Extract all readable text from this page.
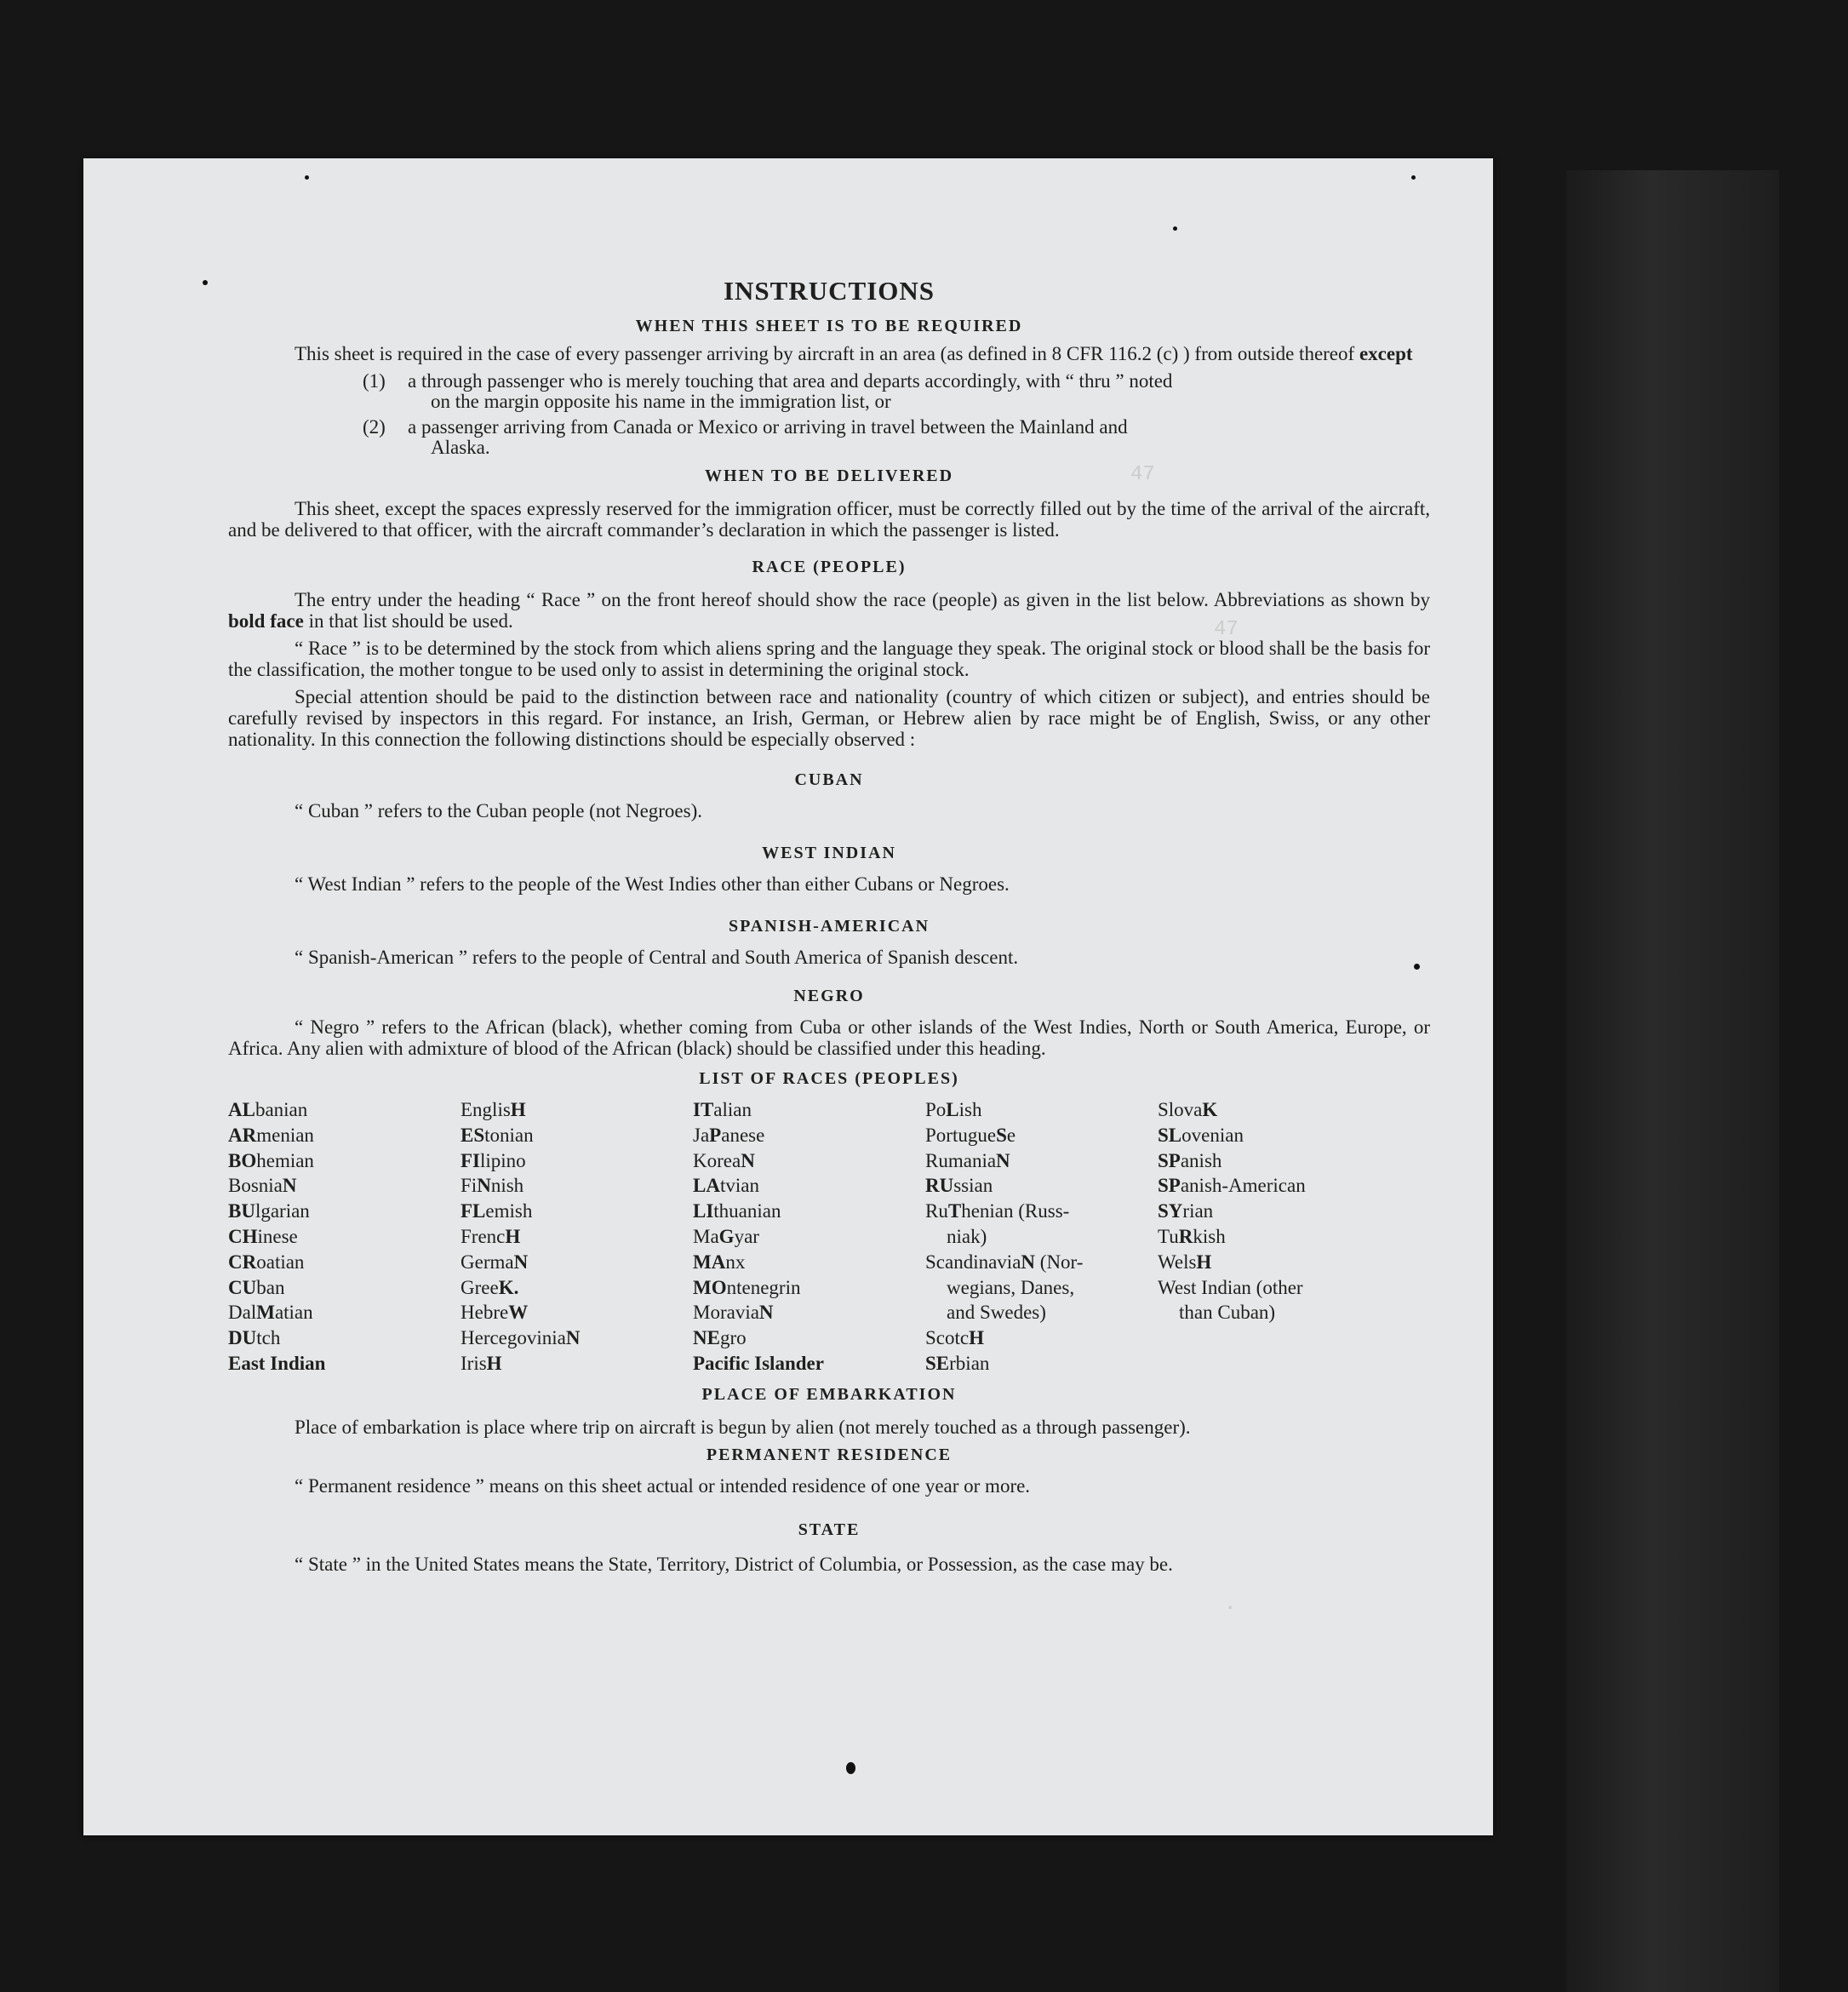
47
47
·
INSTRUCTIONS
WHEN THIS SHEET IS TO BE REQUIRED

This sheet is required in the case of every passenger arriving by aircraft in an area (as defined in 8 CFR 116.2 (c) ) from outside thereof except

(1)	a through passenger who is merely touching that area and departs accordingly, with “ thru ” noted
on the margin opposite his name in the immigration list, or
(2)	a passenger arriving from Canada or Mexico or arriving in travel between the Mainland and
Alaska.
WHEN TO BE DELIVERED

This sheet, except the spaces expressly reserved for the immigration officer, must be correctly filled out by the time of the arrival of the aircraft, and be delivered to that officer, with the aircraft commander’s declaration in which the passenger is listed.

RACE (PEOPLE)

The entry under the heading “ Race ” on the front hereof should show the race (people) as given in the list below. Abbreviations as shown by bold face in that list should be used.

“ Race ” is to be determined by the stock from which aliens spring and the language they speak. The original stock or blood shall be the basis for the classification, the mother tongue to be used only to assist in determining the original stock.

Special attention should be paid to the distinction between race and nationality (country of which citizen or subject), and entries should be carefully revised by inspectors in this regard. For instance, an Irish, German, or Hebrew alien by race might be of English, Swiss, or any other nationality. In this connection the following distinctions should be especially observed :

CUBAN

“ Cuban ” refers to the Cuban people (not Negroes).

WEST INDIAN

“ West Indian ” refers to the people of the West Indies other than either Cubans or Negroes.

SPANISH-AMERICAN

“ Spanish-American ” refers to the people of Central and South America of Spanish descent.

NEGRO

“ Negro ” refers to the African (black), whether coming from Cuba or other islands of the West Indies, North or South America, Europe, or Africa. Any alien with admixture of blood of the African (black) should be classified under this heading.

LIST OF RACES (PEOPLES)
ALbanian
ARmenian
BOhemian
BosniaN
BUlgarian
CHinese
CRoatian
CUban
DalMatian
DUtch
East Indian
EnglisH
EStonian
FIlipino
FiNnish
FLemish
FrencH
GermaN
GreeK.
HebreW
HercegoviniaN
IrisH
ITalian
JaPanese
KoreaN
LAtvian
LIthuanian
MaGyar
MAnx
MOntenegrin
MoraviaN
NEgro
Pacific Islander
PoLish
PortugueSe
RumaniaN
RUssian
RuThenian (Russ-
niak)
ScandinaviaN (Nor-
wegians, Danes,
and Swedes)
ScotcH
SErbian
SlovaK
SLovenian
SPanish
SPanish-American
SYrian
TuRkish
WelsH
West Indian (other
than Cuban)
PLACE OF EMBARKATION

Place of embarkation is place where trip on aircraft is begun by alien (not merely touched as a through passenger).

PERMANENT RESIDENCE

“ Permanent residence ” means on this sheet actual or intended residence of one year or more.

STATE

“ State ” in the United States means the State, Territory, District of Columbia, or Possession, as the case may be.
